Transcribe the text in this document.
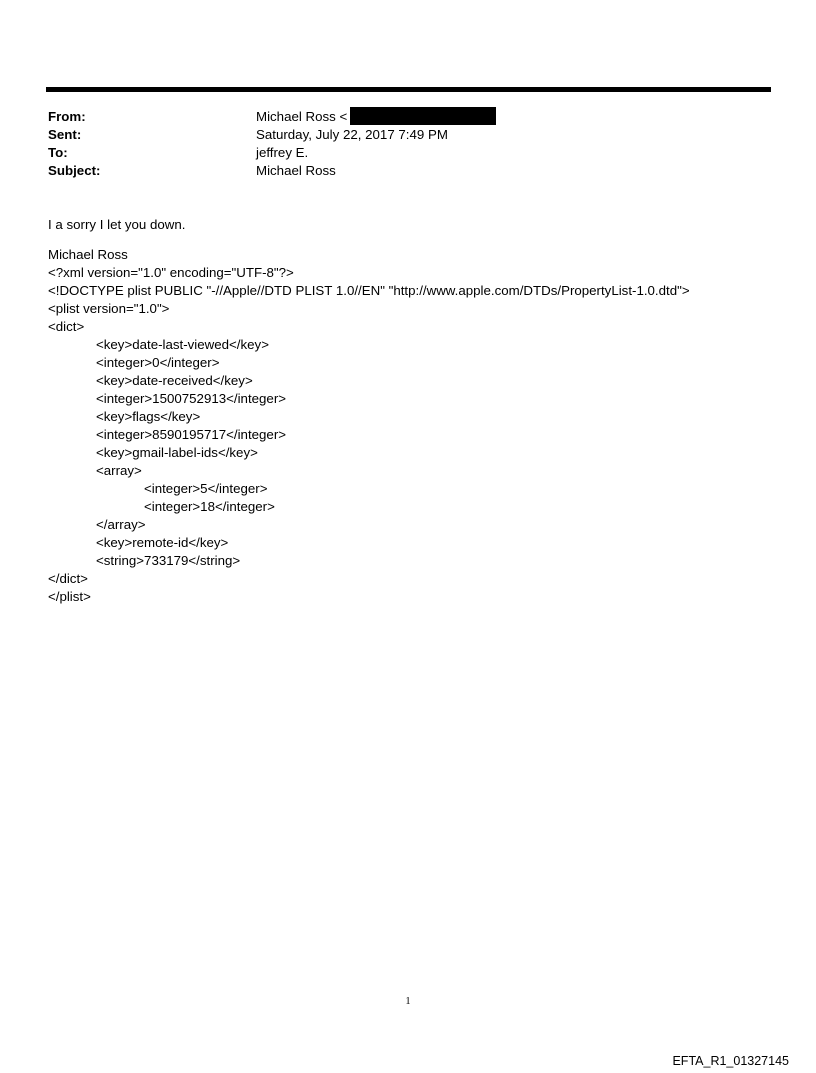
From:	Michael Ross <
Sent:	Saturday, July 22, 2017 7:49 PM
To:	jeffrey E.
Subject:	Michael Ross
I a sorry I let you down.
Michael Ross
<?xml version="1.0" encoding="UTF-8"?>
<!DOCTYPE plist PUBLIC "-//Apple//DTD PLIST 1.0//EN" "http://www.apple.com/DTDs/PropertyList-1.0.dtd">
<plist version="1.0">
<dict>
<key>date-last-viewed</key>
<integer>0</integer>
<key>date-received</key>
<integer>1500752913</integer>
<key>flags</key>
<integer>8590195717</integer>
<key>gmail-label-ids</key>
<array>
<integer>5</integer>
<integer>18</integer>
</array>
<key>remote-id</key>
<string>733179</string>
</dict>
</plist>
1
EFTA_R1_01327145
